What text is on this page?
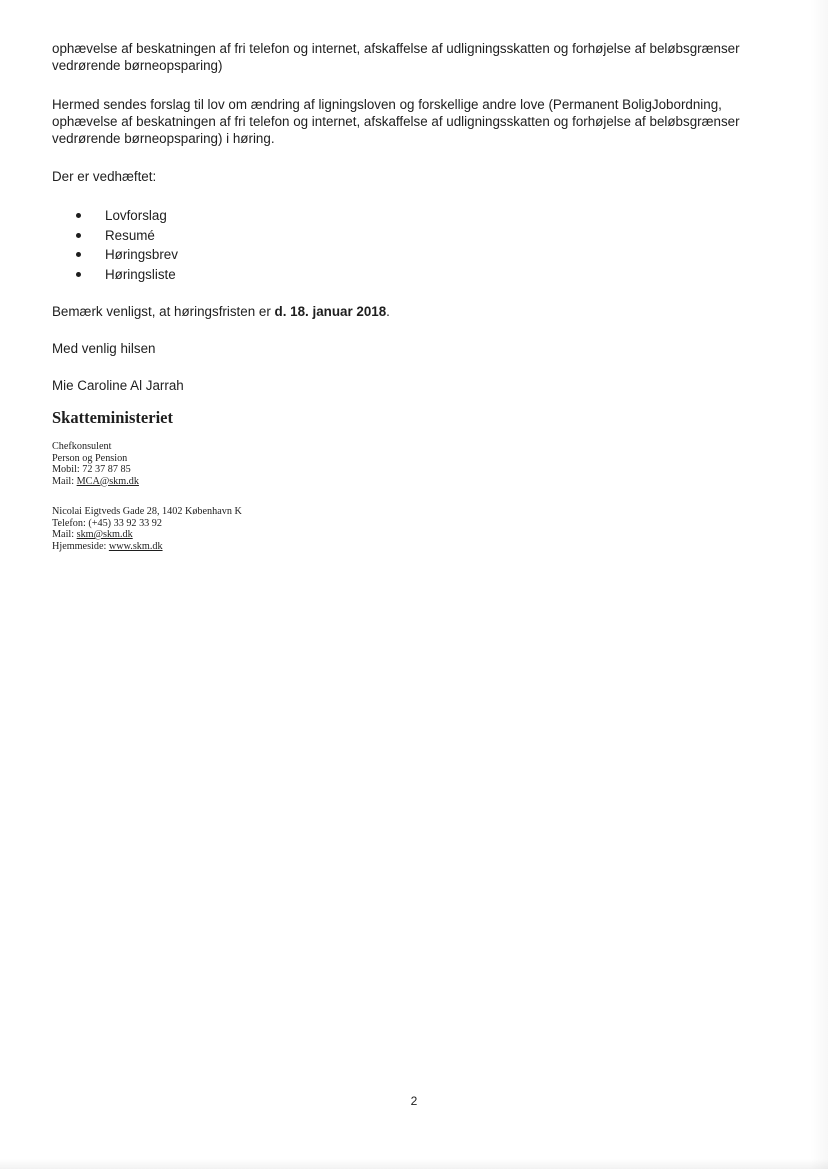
ophævelse af beskatningen af fri telefon og internet, afskaffelse af udligningsskatten og forhøjelse af beløbsgrænser
vedrørende børneopsparing)
Hermed sendes forslag til lov om ændring af ligningsloven og forskellige andre love (Permanent BoligJobordning,
ophævelse af beskatningen af fri telefon og internet, afskaffelse af udligningsskatten og forhøjelse af beløbsgrænser
vedrørende børneopsparing) i høring.
Der er vedhæftet:
Lovforslag
Resumé
Høringsbrev
Høringsliste
Bemærk venligst, at høringsfristen er d. 18. januar 2018.
Med venlig hilsen
Mie Caroline Al Jarrah
Skatteministeriet
Chefkonsulent
Person og Pension
Mobil: 72 37 87 85
Mail: MCA@skm.dk
Nicolai Eigtveds Gade 28, 1402 København K
Telefon: (+45) 33 92 33 92
Mail: skm@skm.dk
Hjemmeside: www.skm.dk
2
